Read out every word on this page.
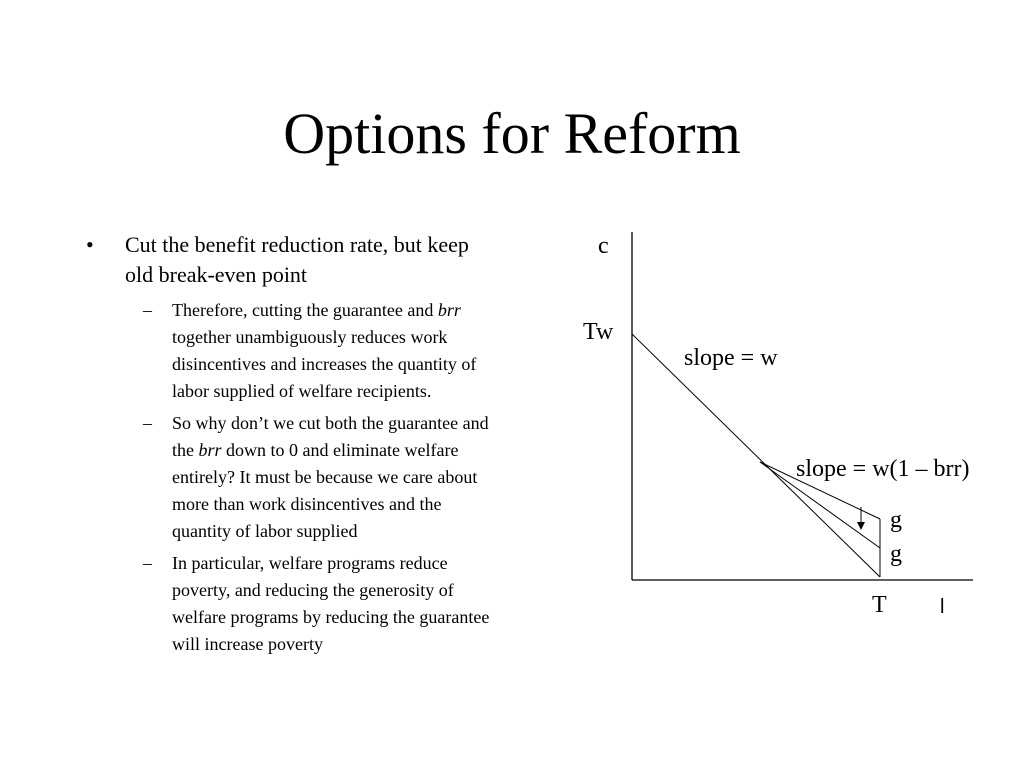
Options for Reform
• Cut the benefit reduction rate, but keep old break-even point
– Therefore, cutting the guarantee and brr together unambiguously reduces work disincentives and increases the quantity of labor supplied of welfare recipients.
– So why don’t we cut both the guarantee and the brr down to 0 and eliminate welfare entirely? It must be because we care about more than work disincentives and the quantity of labor supplied
– In particular, welfare programs reduce poverty, and reducing the generosity of welfare programs by reducing the guarantee will increase poverty
c
Tw
slope = w
slope = w(1 – brr)
g
g
T	l
